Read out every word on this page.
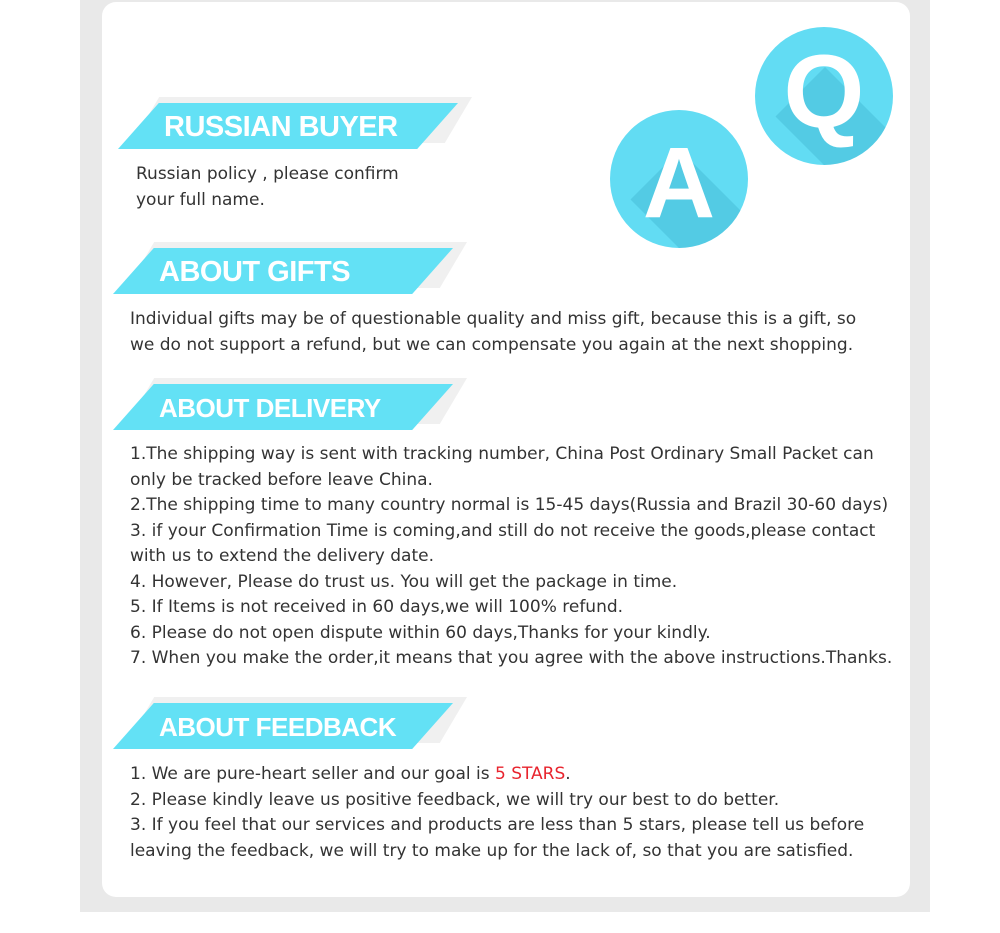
Q
A
RUSSIAN BUYER
Russian policy , please confirm
your full name.
ABOUT GIFTS
Individual gifts may be of questionable quality and miss gift, because this is a gift, so
we do not support a refund, but we can compensate you again at the next shopping.
ABOUT DELIVERY
1.The shipping way is sent with tracking number, China Post Ordinary Small Packet can
only be tracked before leave China.
2.The shipping time to many country normal is 15-45 days(Russia and Brazil 30-60 days)
3. if your Confirmation Time is coming,and still do not receive the goods,please contact
with us to extend the delivery date.
4. However, Please do trust us. You will get the package in time.
5. If Items is not received in 60 days,we will 100% refund.
6. Please do not open dispute within 60 days,Thanks for your kindly.
7. When you make the order,it means that you agree with the above instructions.Thanks.
ABOUT FEEDBACK
1. We are pure-heart seller and our goal is 5 STARS.
2. Please kindly leave us positive feedback, we will try our best to do better.
3. If you feel that our services and products are less than 5 stars, please tell us before
leaving the feedback, we will try to make up for the lack of, so that you are satisfied.
